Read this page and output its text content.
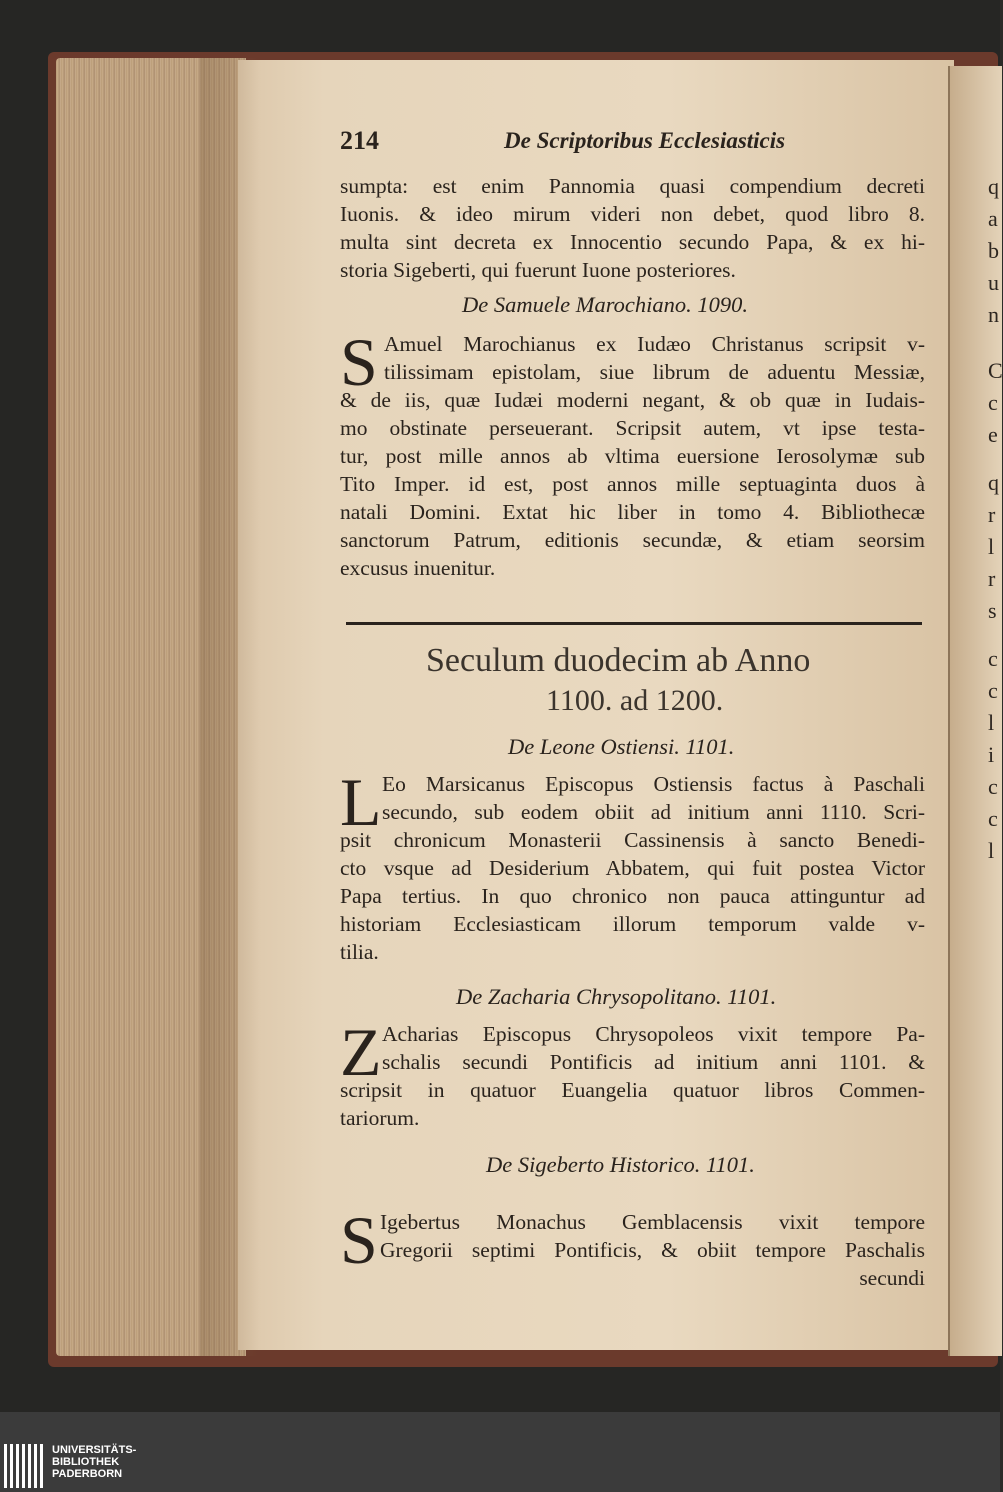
q
a
b
u
n
C
c
e
q
r
l
r
s
c
c
l
i
c
c
l
214	De Scriptoribus Ecclesiasticis
sumpta: est enim Pannomia quasi compendium decreti
Iuonis. & ideo mirum videri non debet, quod libro 8.
multa sint decreta ex Innocentio secundo Papa, & ex hi-
storia Sigeberti, qui fuerunt Iuone posteriores.
De Samuele Marochiano. 1090.
S Amuel Marochianus ex Iudæo Christanus scripsit v-
tilissimam epistolam, siue librum de aduentu Messiæ,
& de iis, quæ Iudæi moderni negant, & ob quæ in Iudais-
mo obstinate perseuerant. Scripsit autem, vt ipse testa-
tur, post mille annos ab vltima euersione Ierosolymæ sub
Tito Imper. id est, post annos mille septuaginta duos à
natali Domini. Extat hic liber in tomo 4. Bibliothecæ
sanctorum Patrum, editionis secundæ, & etiam seorsim
excusus inuenitur.
Seculum duodecim ab Anno
1100. ad 1200.
De Leone Ostiensi. 1101.
L Eo Marsicanus Episcopus Ostiensis factus à Paschali
secundo, sub eodem obiit ad initium anni 1110. Scri-
psit chronicum Monasterii Cassinensis à sancto Benedi-
cto vsque ad Desiderium Abbatem, qui fuit postea Victor
Papa tertius. In quo chronico non pauca attinguntur ad
historiam Ecclesiasticam illorum temporum valde v-
tilia.
De Zacharia Chrysopolitano. 1101.
Z Acharias Episcopus Chrysopoleos vixit tempore Pa-
schalis secundi Pontificis ad initium anni 1101. &
scripsit in quatuor Euangelia quatuor libros Commen-
tariorum.
De Sigeberto Historico. 1101.
S Igebertus Monachus Gemblacensis vixit tempore
Gregorii septimi Pontificis, & obiit tempore Paschalis
secundi
UNIVERSITÄTS-
BIBLIOTHEK
PADERBORN
